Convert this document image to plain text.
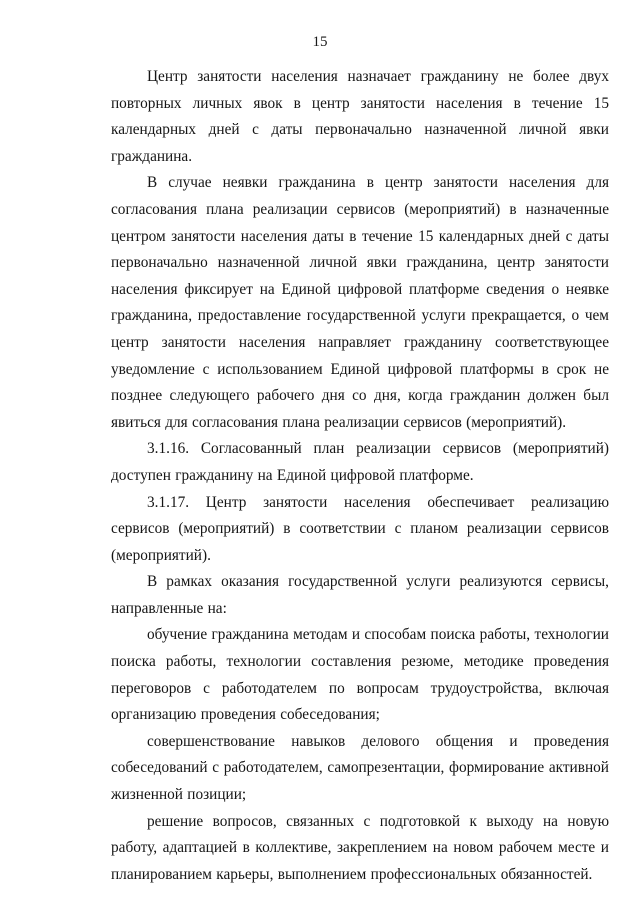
15

Центр занятости населения назначает гражданину не более двух повторных личных явок в центр занятости населения в течение 15 календарных дней с даты первоначально назначенной личной явки гражданина.

В случае неявки гражданина в центр занятости населения для согласования плана реализации сервисов (мероприятий) в назначенные центром занятости населения даты в течение 15 календарных дней с даты первоначально назначенной личной явки гражданина, центр занятости населения фиксирует на Единой цифровой платформе сведения о неявке гражданина, предоставление государственной услуги прекращается, о чем центр занятости населения направляет гражданину соответствующее уведомление с использованием Единой цифровой платформы в срок не позднее следующего рабочего дня со дня, когда гражданин должен был явиться для согласования плана реализации сервисов (мероприятий).

3.1.16. Согласованный план реализации сервисов (мероприятий) доступен гражданину на Единой цифровой платформе.

3.1.17. Центр занятости населения обеспечивает реализацию сервисов (мероприятий) в соответствии с планом реализации сервисов (мероприятий).

В рамках оказания государственной услуги реализуются сервисы, направленные на:

обучение гражданина методам и способам поиска работы, технологии поиска работы, технологии составления резюме, методике проведения переговоров с работодателем по вопросам трудоустройства, включая организацию проведения собеседования;

совершенствование навыков делового общения и проведения собеседований с работодателем, самопрезентации, формирование активной жизненной позиции;

решение вопросов, связанных с подготовкой к выходу на новую работу, адаптацией в коллективе, закреплением на новом рабочем месте и планированием карьеры, выполнением профессиональных обязанностей.
